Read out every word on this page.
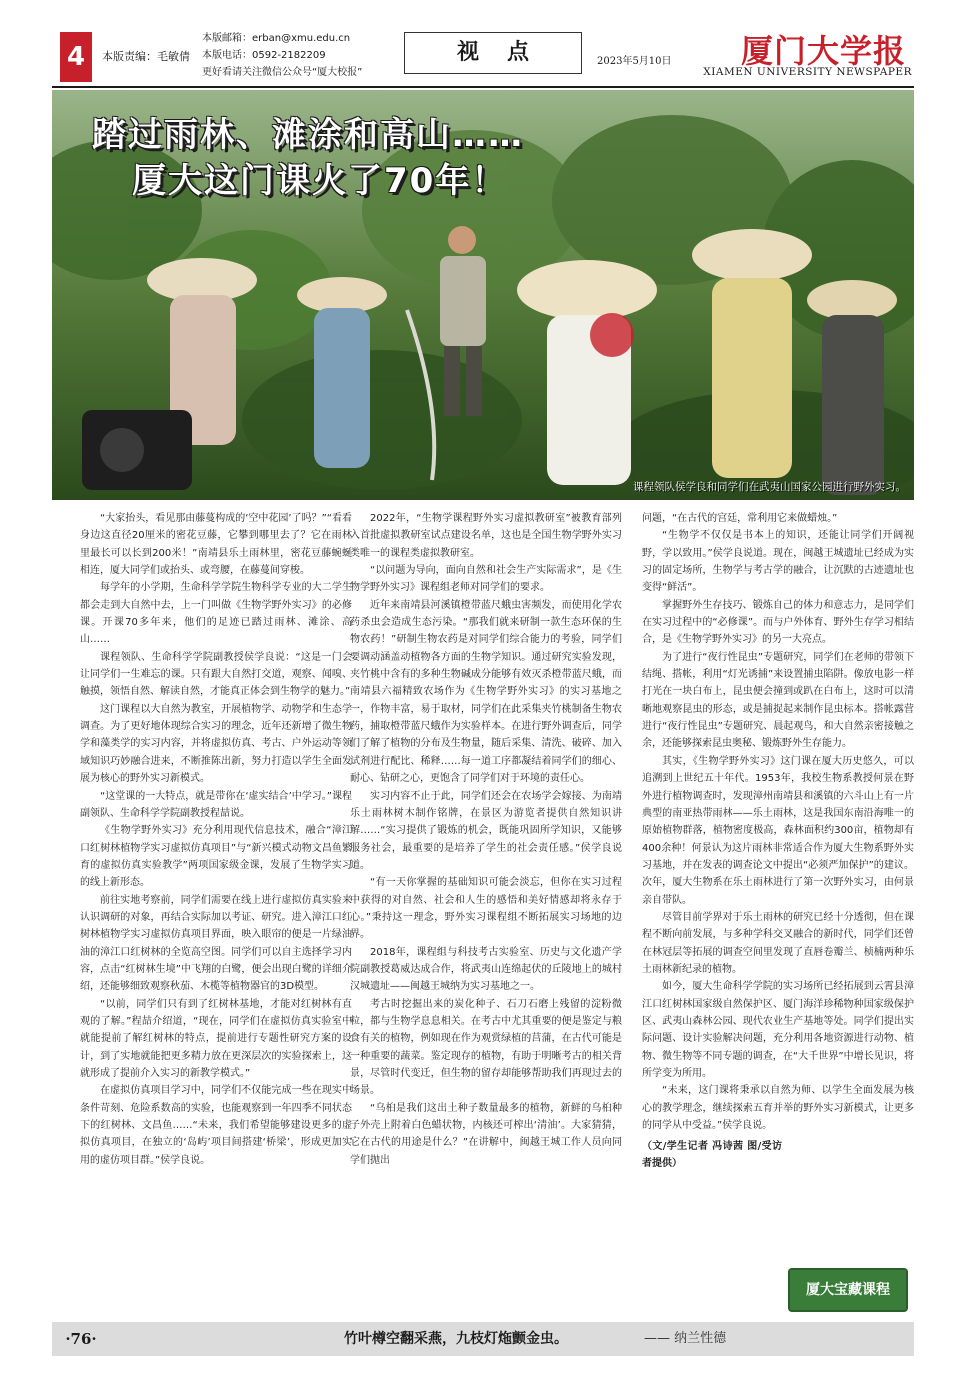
4	本版责编：毛敏倩
本版邮箱：erban@xmu.edu.cn
本版电话：0592-2182209
更好看请关注微信公众号“厦大校报”
视点	2023年5月10日 厦门大学报
XIAMEN UNIVERSITY NEWSPAPER
踏过雨林、滩涂和高山……
厦大这门课火了70年！
课程领队侯学良和同学们在武夷山国家公园进行野外实习。

“大家抬头，看见那由藤蔓构成的‘空中花园’了吗？”“看看身边这直径20厘米的密花豆藤，它攀到哪里去了？它在雨林里最长可以长到200米！”南靖县乐土雨林里，密花豆藤蜿蜒相连，厦大同学们或抬头、或弯腰，在藤蔓间穿梭。

每学年的小学期，生命科学学院生物科学专业的大二学生都会走到大自然中去，上一门叫做《生物学野外实习》的必修课。开课70多年来，他们的足迹已踏过雨林、滩涂、高山……

课程领队、生命科学学院副教授侯学良说：“这是一门会让同学们一生难忘的课。只有跟大自然打交道，观察、闻嗅、触摸，领悟自然、解读自然，才能真正体会到生物学的魅力。”

这门课程以大自然为教室，开展植物学、动物学和生态学调查。为了更好地体现综合实习的理念，近年还新增了微生物学和藻类学的实习内容，并将虚拟仿真、考古、户外运动等领域知识巧妙融合进来，不断推陈出新，努力打造以学生全面发展为核心的野外实习新模式。

“这堂课的一大特点，就是带你在‘虚实结合’中学习。”课程副领队、生命科学学院副教授程喆说。

《生物学野外实习》充分利用现代信息技术，融合“漳江口红树林植物学实习虚拟仿真项目”与“新兴模式动物文昌鱼繁育的虚拟仿真实验教学”两项国家级金课，发展了生物学实习的线上新形态。

前往实地考察前，同学们需要在线上进行虚拟仿真实验来认识调研的对象，再结合实际加以考证、研究。进入漳江口红树林植物学实习虚拟仿真项目界面，映入眼帘的便是一片绿油油的漳江口红树林的全览高空图。同学们可以自主选择学习内容，点击“红树林生境”中飞翔的白鹭，便会出现白鹭的详细介绍，还能够细致观察秋茄、木榄等植物器官的3D模型。

“以前，同学们只有到了红树林基地，才能对红树林有直观的了解。”程喆介绍道，“现在，同学们在虚拟仿真实验室中就能提前了解红树林的特点，提前进行专题性研究方案的设计，到了实地就能把更多精力放在更深层次的实验探索上，这就形成了提前介入实习的新教学模式。”

在虚拟仿真项目学习中，同学们不仅能完成一些在现实中条件苛刻、危险系数高的实验，也能观察到一年四季不同状态下的红树林、文昌鱼……“未来，我们希望能够建设更多的虚拟仿真项目，在独立的‘岛屿’项目间搭建‘桥梁’，形成更加实用的虚仿项目群。”侯学良说。

2022年，“生物学课程野外实习虚拟教研室”被教育部列入首批虚拟教研室试点建设名单，这也是全国生物学野外实习类唯一的课程类虚拟教研室。

“以问题为导向，面向自然和社会生产实际需求”，是《生物学野外实习》课程组老师对同学们的要求。

近年来南靖县河溪镇橙带蓝尺蛾虫害频发，而使用化学农药杀虫会造成生态污染。“那我们就来研制一款生态环保的生物农药！”研制生物农药是对同学们综合能力的考验，同学们要调动涵盖动植物各方面的生物学知识。通过研究实验发现，夹竹桃中含有的多种生物碱成分能够有效灭杀橙带蓝尺蛾，而南靖县六福精致农场作为《生物学野外实习》的实习基地之一，作物丰富，易于取材，同学们在此采集夹竹桃制备生物农药，捕取橙带蓝尺蛾作为实验样本。在进行野外调查后，同学们了解了植物的分布及生物量，随后采集、清洗、破碎、加入试剂进行配比、稀释……每一道工序都凝结着同学们的细心、耐心、钻研之心，更饱含了同学们对于环境的责任心。

实习内容不止于此，同学们还会在农场学会嫁接、为南靖乐土雨林树木制作铭牌，在景区为游览者提供自然知识讲解……“实习提供了锻炼的机会，既能巩固所学知识，又能够服务社会，最重要的是培养了学生的社会责任感。”侯学良说道。

“有一天你掌握的基础知识可能会淡忘，但你在实习过程中获得的对自然、社会和人生的感悟和美好情感却将永存于心。”秉持这一理念，野外实习课程组不断拓展实习场地的边界。

2018年，课程组与科技考古实验室、历史与文化遗产学院副教授葛威达成合作，将武夷山连绵起伏的丘陵地上的城村汉城遗址——闽越王城纳为实习基地之一。

考古时挖掘出来的炭化种子、石刀石磨上残留的淀粉微粒，都与生物学息息相关。在考古中尤其重要的便是鉴定与粮食有关的植物，例如现在作为观赏绿植的莒蒲，在古代可能是一种重要的蔬菜。鉴定现存的植物，有助于明晰考古的相关背景，尽管时代变迁，但生物的留存却能够帮助我们再现过去的场景。

“乌桕是我们这出土种子数量最多的植物，新鲜的乌桕种子外壳上附着白色蜡状物，内核还可榨出‘清油’。大家猜猜，它在古代的用途是什么？”在讲解中，闽越王城工作人员向同学们抛出

问题，“在古代的宫廷，常利用它来做蜡烛。”

“生物学不仅仅是书本上的知识，还能让同学们开阔视野，学以致用。”侯学良说道。现在，闽越王城遗址已经成为实习的固定场所，生物学与考古学的融合，让沉默的古迹遗址也变得“鲜活”。

掌握野外生存技巧、锻炼自己的体力和意志力，是同学们在实习过程中的“必修课”。而与户外体育、野外生存学习相结合，是《生物学野外实习》的另一大亮点。

为了进行“夜行性昆虫”专题研究，同学们在老师的带领下结绳、搭帐，利用“灯光诱捕”来设置捕虫陷阱。像放电影一样打光在一块白布上，昆虫便会撞到或趴在白布上，这时可以清晰地观察昆虫的形态，或是捕捉起来制作昆虫标本。搭帐露营进行“夜行性昆虫”专题研究、晨起观鸟，和大自然亲密接触之余，还能够探索昆虫奥秘、锻炼野外生存能力。

其实，《生物学野外实习》这门课在厦大历史悠久，可以追溯到上世纪五十年代。1953年，我校生物系教授何景在野外进行植物调查时，发现漳州南靖县和溪镇的六斗山上有一片典型的南亚热带雨林——乐土雨林，这是我国东南沿海唯一的原始植物群落，植物密度极高，森林面积约300亩，植物却有400余种！何景认为这片雨林非常适合作为厦大生物系野外实习基地，并在发表的调查论文中提出“必须严加保护”的建议。次年，厦大生物系在乐土雨林进行了第一次野外实习，由何景亲自带队。

尽管目前学界对于乐土雨林的研究已经十分透彻，但在课程不断向前发展，与多种学科交叉融合的新时代，同学们还曾在林冠层等拓展的调查空间里发现了直唇卷瓣兰、桢楠两种乐土雨林新纪录的植物。

如今，厦大生命科学学院的实习场所已经拓展到云霄县漳江口红树林国家级自然保护区、厦门海洋珍稀物种国家级保护区、武夷山森林公园、现代农业生产基地等处。同学们提出实际问题、设计实验解决问题，充分利用各地资源进行动物、植物、微生物等不同专题的调查，在“大千世界”中增长见识，将所学变为所用。

“未来，这门课将秉承以自然为师、以学生全面发展为核心的教学理念，继续探索五育并举的野外实习新模式，让更多的同学从中受益。”侯学良说。

（文/学生记者 冯诗茜 图/受访者提供）
厦大宝藏课程
·76·	竹叶樽空翻采燕，九枝灯炧颤金虫。	—— 纳兰性德
